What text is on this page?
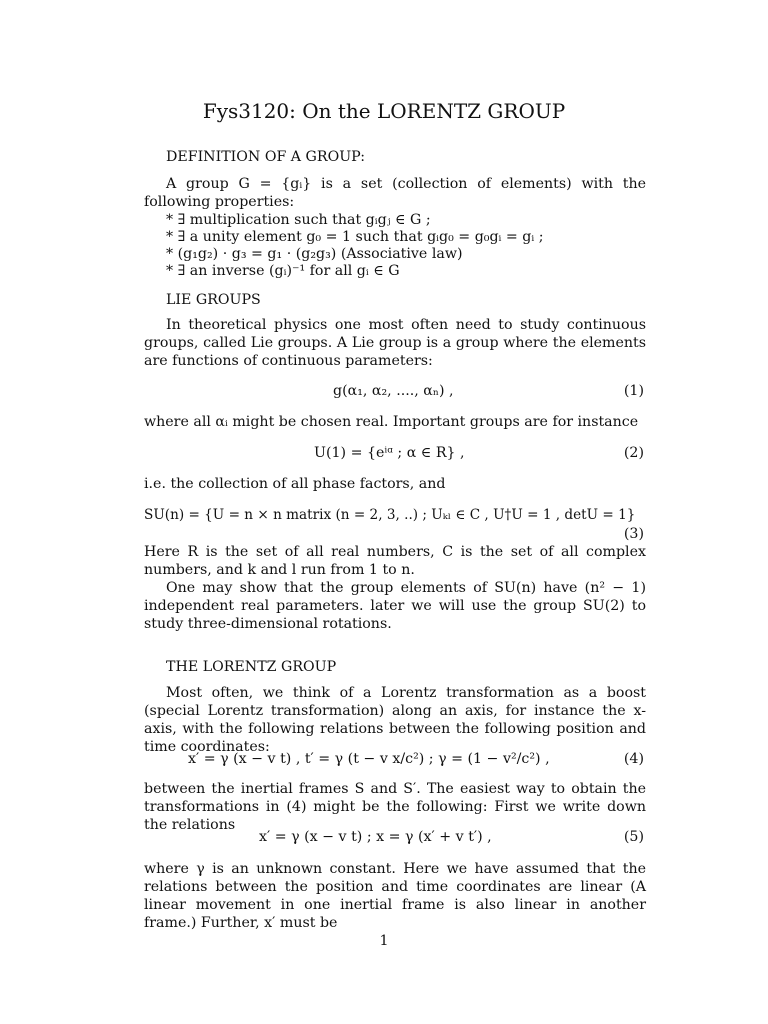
Fys3120: On the LORENTZ GROUP
DEFINITION OF A GROUP:
A group G = {gᵢ} is a set (collection of elements) with the following properties:
* ∃ multiplication such that gᵢgⱼ ∈ G ;
* ∃ a unity element g₀ = 1 such that gᵢg₀ = g₀gᵢ = gᵢ ;
* (g₁g₂) · g₃ = g₁ · (g₂g₃) (Associative law)
* ∃ an inverse (gᵢ)⁻¹ for all gᵢ ∈ G
LIE GROUPS
In theoretical physics one most often need to study continuous groups, called Lie groups. A Lie group is a group where the elements are functions of continuous parameters:
g(α₁, α₂, ...., αₙ) ,	(1)
where all αᵢ might be chosen real. Important groups are for instance
U(1) = {eⁱᵅ ; α ∈ R} ,	(2)
i.e. the collection of all phase factors, and
SU(n) = {U = n × n matrix (n = 2, 3, ..) ; Uₖₗ ∈ C , U†U = 1 , detU = 1}
(3)
Here R is the set of all real numbers, C is the set of all complex numbers, and k and l run from 1 to n.
One may show that the group elements of SU(n) have (n² − 1) independent real parameters. later we will use the group SU(2) to study three-dimensional rotations.
THE LORENTZ GROUP
Most often, we think of a Lorentz transformation as a boost (special Lorentz transformation) along an axis, for instance the x-axis, with the following relations between the following position and time coordinates:
x′ = γ (x − v t) , t′ = γ (t − v x/c²) ; γ = (1 − v²/c²) ,	(4)
between the inertial frames S and S′. The easiest way to obtain the transformations in (4) might be the following: First we write down the relations
x′ = γ (x − v t) ; x = γ (x′ + v t′) ,	(5)
where γ is an unknown constant. Here we have assumed that the relations between the position and time coordinates are linear (A linear movement in one inertial frame is also linear in another frame.) Further, x′ must be
1
